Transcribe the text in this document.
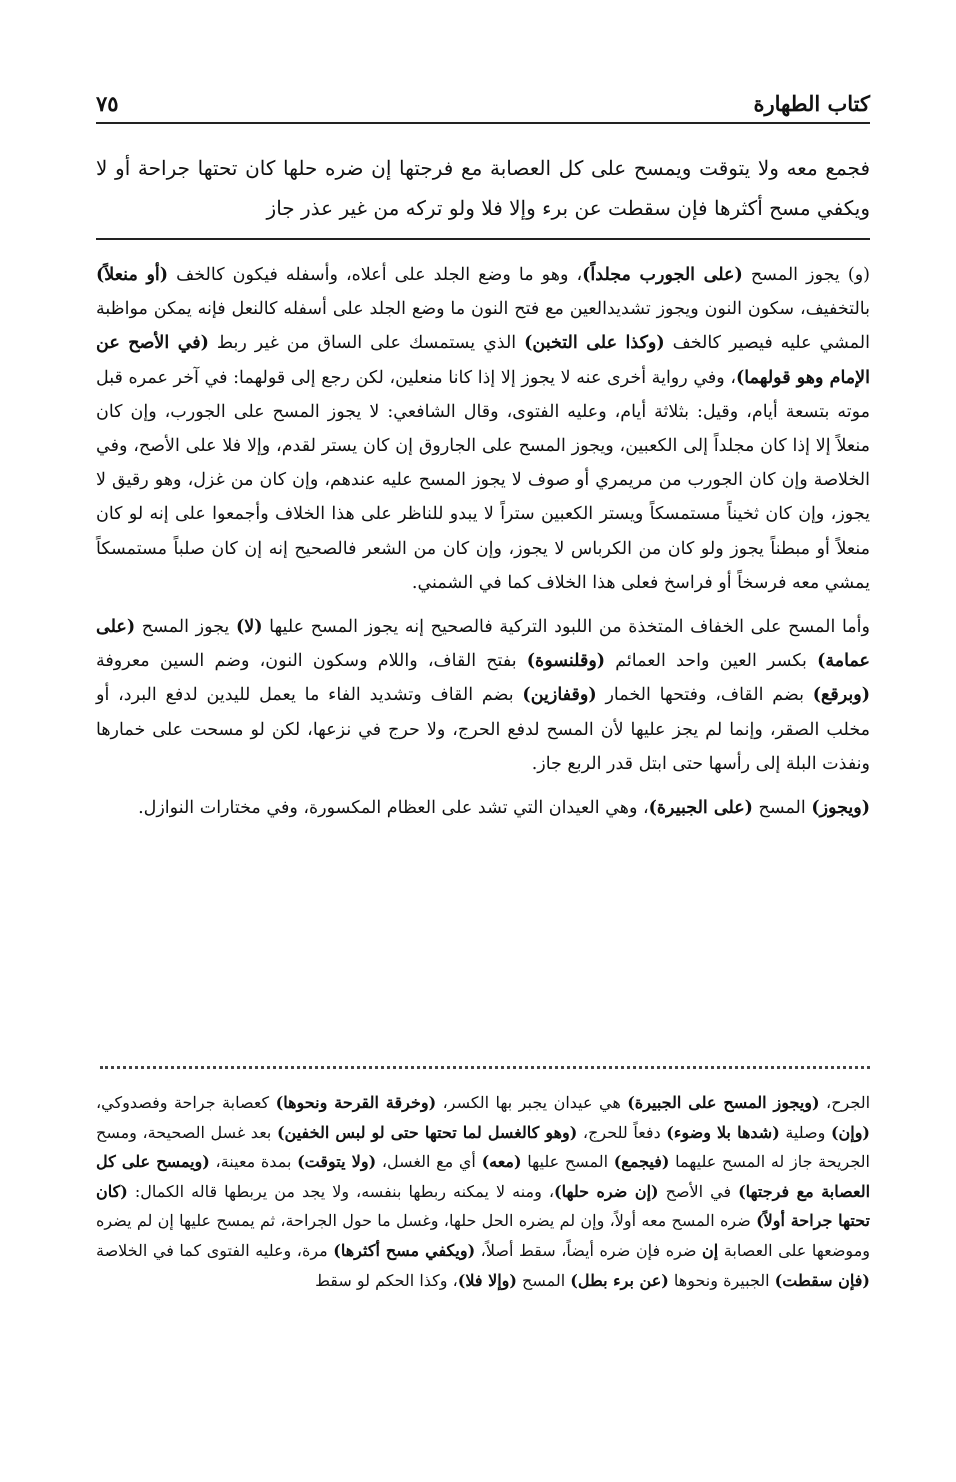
كتاب الطهارة
٧٥
فجمع معه ولا يتوقت ويمسح على كل العصابة مع فرجتها إن ضره حلها كان تحتها جراحة أو لا ويكفي مسح أكثرها فإن سقطت عن برء وإلا فلا ولو تركه من غير عذر جاز

(و) يجوز المسح (على الجورب مجلداً)، وهو ما وضع الجلد على أعلاه، وأسفله فيكون كالخف (أو منعلاً) بالتخفيف، سكون النون ويجوز تشديدالعين مع فتح النون ما وضع الجلد على أسفله كالنعل فإنه يمكن مواظبة المشي عليه فيصير كالخف (وكذا على التخبن) الذي يستمسك على الساق من غير ربط (في الأصح عن الإمام وهو قولهما)، وفي رواية أخرى عنه لا يجوز إلا إذا كانا منعلين، لكن رجع إلى قولهما: في آخر عمره قبل موته بتسعة أيام، وقيل: بثلاثة أيام، وعليه الفتوى، وقال الشافعي: لا يجوز المسح على الجورب، وإن كان منعلاً إلا إذا كان مجلداً إلى الكعبين، ويجوز المسح على الجاروق إن كان يستر لقدم، وإلا فلا على الأصح، وفي الخلاصة وإن كان الجورب من مريمري أو صوف لا يجوز المسح عليه عندهم، وإن كان من غزل، وهو رقيق لا يجوز، وإن كان ثخيناً مستمسكاً ويستر الكعبين ستراً لا يبدو للناظر على هذا الخلاف وأجمعوا على إنه لو كان منعلاً أو مبطناً يجوز ولو كان من الكرباس لا يجوز، وإن كان من الشعر فالصحيح إنه إن كان صلباً مستمسكاً يمشي معه فرسخاً أو فراسخ فعلى هذا الخلاف كما في الشمني.

وأما المسح على الخفاف المتخذة من اللبود التركية فالصحيح إنه يجوز المسح عليها (لا) يجوز المسح (على عمامة) بكسر العين واحد العمائم (وقلنسوة) بفتح القاف، واللام وسكون النون، وضم السين معروفة (وبرقع) بضم القاف، وفتحها الخمار (وقفازين) بضم القاف وتشديد الفاء ما يعمل لليدين لدفع البرد، أو مخلب الصقر، وإنما لم يجز عليها لأن المسح لدفع الحرج، ولا حرج في نزعها، لكن لو مسحت على خمارها ونفذت البلة إلى رأسها حتى ابتل قدر الربع جاز.

(ويجوز) المسح (على الجبيرة)، وهي العيدان التي تشد على العظام المكسورة، وفي مختارات النوازل.

الجرح، (ويجوز المسح على الجبيرة) هي عيدان يجبر بها الكسر، (وخرقة القرحة ونحوها) كعصابة جراحة وفصدوكي، (وإن) وصلية (شدها بلا وضوء) دفعاً للحرج، (وهو كالغسل لما تحتها حتى لو لبس الخفين) بعد غسل الصحيحة، ومسح الجريحة جاز له المسح عليهما (فيجمع) المسح عليها (معه) أي مع الغسل، (ولا يتوقت) بمدة معينة، (ويمسح على كل العصابة مع فرجتها) في الأصح (إن ضره حلها)، ومنه لا يمكنه ربطها بنفسه، ولا يجد من يربطها قاله الكمال: (كان تحتها جراحة أولاً) ضره المسح معه أولاً، وإن لم يضره الحل حلها، وغسل ما حول الجراحة، ثم يمسح عليها إن لم يضره وموضعها على العصابة إن ضره فإن ضره أيضاً، سقط أصلاً، (ويكفي مسح أكثرها) مرة، وعليه الفتوى كما في الخلاصة (فإن سقطت) الجبيرة ونحوها (عن برء بطل) المسح (وإلا فلا)، وكذا الحكم لو سقط
